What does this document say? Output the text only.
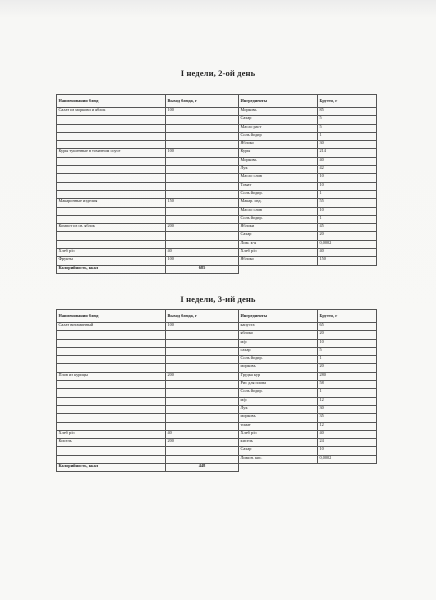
I недели, 2-ой день
Наименовании блюд	Выход блюда, г	Ингредиенты	Брутто, г
Салат из моркови и яблок	100	Морковь	85
		Сахар	5
		Масло раст	5
		Соль йодир	1
		Яблоко	30
Куры тушенные в томатном соусе	100	Куры	214
		Морковь	40
		Лук	42
		Масло слив	10
		Томат	10
		Соль йодир.	1
Макаронные изделия	150	Макар. изд.	55
		Масло слив	10
		Соль йодир.	1
Компот из св. яблок	200	Яблоки	45
		Сахар	20
		Лим. к-я	0,0002
Хлеб р/п	40	Хлеб р/п	40
Фрукты	100	Яблоко	150
Калорийность, ккал	685		
I недели, 3-ий день
Наименовании блюд	Выход блюда, г	Ингредиенты	Брутто, г
Салат витаминный	100	капуста	65
		яблоко	20
		м/р	10
		сахар	5
		Соль йодир.	1
		морковь	20
Плов из курицы	200	Грудка кур	280
		Рис для плова	58
		Соль йодир.	1
		м/р	12
		Лук	30
		морковь	35
		томат	12
Хлеб р/п	40	Хлеб р/п	40
Кисель	200	кисель	24
		Сахар	10
		Лимон. кис.	0,0002
Калорийность, ккал	448		
